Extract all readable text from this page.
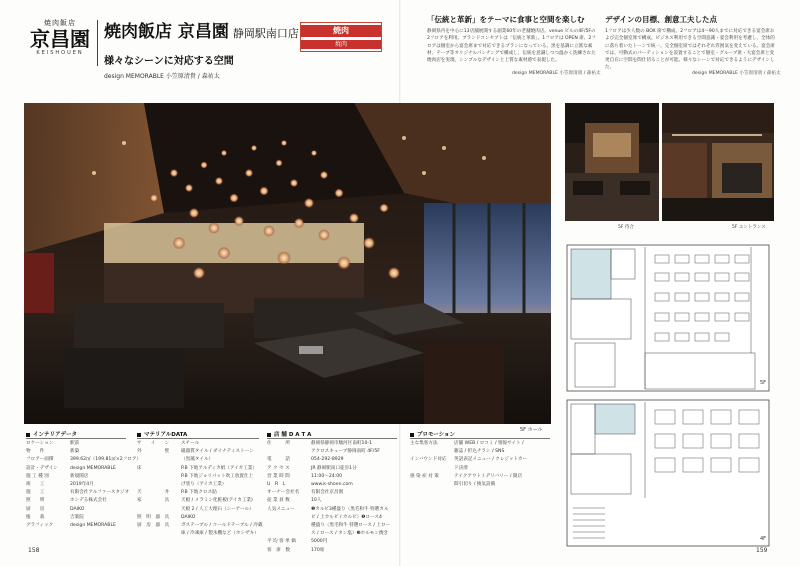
焼肉飯店
京昌園
KEISHOUEN
焼肉飯店 京昌園 静岡駅南口店
様々なシーンに対応する空間
design MEMORABLE 小笠原清貴 / 森祐太
焼肉
焼肉
5F ホール
「伝統と革新」をテーマに食事と空間を楽しむ
静岡県内を中心に13店舗展開する創業60年の老舗焼肉店。venue ビルの4F/5Fの2フロアを利用。ブランドコンセプトは「伝統と革新」。1フロアは OPEN 席、2フロアは個室から宴会席まで対応できるプランになっている。黒を基調に立派な素材、テーブ等オリジナルパンチングで構成し、伝統を意識しつつ温かく洗練された焼肉店を実現。シンプルなデザインと上質な素材感で表現した。
design MEMORABLE 小笠原清貴 / 森祐太
デザインの目標、創意工夫した点
1フロアは少人数の BOX 席で構成、2フロアは4～90人までに対応できる宴会席および完全個室席で構成。ビジネス利用できる空間意識・宴会利用を考慮し、全体的に落ち着いたトーンで統一。完全個室席ではそれぞれ雰囲気を変えている。宴会席では、可動式のパーティションを設置することで個室・グループ席・大宴会席と変更自在に空間を間仕切ることが可能。様々なシーンで対応できるようにデザインした。
design MEMORABLE 小笠原清貴 / 森祐太
5F 待合	5F エントランス
5F
4F
インテリアデータ
ロケーション	駅前
物　　件	新築
フロアー面積	399.62㎡（199.81㎡×2フロア）
設計・デザイン	design MEMORABLE
施 工 種 別	新規開店
竣　　工	2019年4月
施　　工	有限会社アルファースタジオ
照　　明	ホシデる株式会社
厨　　房	DAIKO
植　　栽	吉楽院
グラフィック	design MEMORABLE
マテリアルDATA
サ　　イ　　ン	スチール
外　　　　　壁	磁器質タイル / ダイナティストーン
（黒藻タイル）
床	P.B 下地アルディカ紙（アイカ工業）
P.B 下地ジョリパット吹工放置仕上
げ塗り（アイカ工業）
天　　　　　井	P.B 下地クロス貼
家　　　　　具	天板 / メラミン化粧板(アイカ工業)
天板 2 / 人工大理石（シーアール）
照　明　器　具	DAIKO
厨　房　器　具	ガステーブル / コールドテーブル / 冷蔵
庫 / 冷凍庫 / 製氷機など（ホシザキ）
店 舗 D A T A
住　　　所	静岡県静岡市駿河区南町10-1
アクロスキューブ静岡南町 4F/5F
電　　　話	054-292-8929
ア ク セ ス	JR 静岡駅南口徒歩1分
営 業 時 間	11:00～24:00
U　R　L	www.k-shoen.com
オーナー会社名	有限会社京昌園
従 業 員 数	10人
人気メニュー	❶カルビ3種盛り（黒毛和牛 特選カル
ビ / 上カルビ / カルビ）❷ロース4
種盛り（黒毛和牛 特選ロース / 上ロー
ス / ロース / タン塩）❸ホルモン焼き
平 均 客 単 価	5000円
客　席　数	170席
プロモーション
主な集客方法	店舗 WEB / ロコミ / 情報サイト /
雑誌 / 折込チラシ / SNS
インバウンド対応	英語表記メニュー / クレジットカー
ド決済
感 染 症 対 策	テイクアウト / デリバリー / 開店
間引切り / 換気設備
158	159
